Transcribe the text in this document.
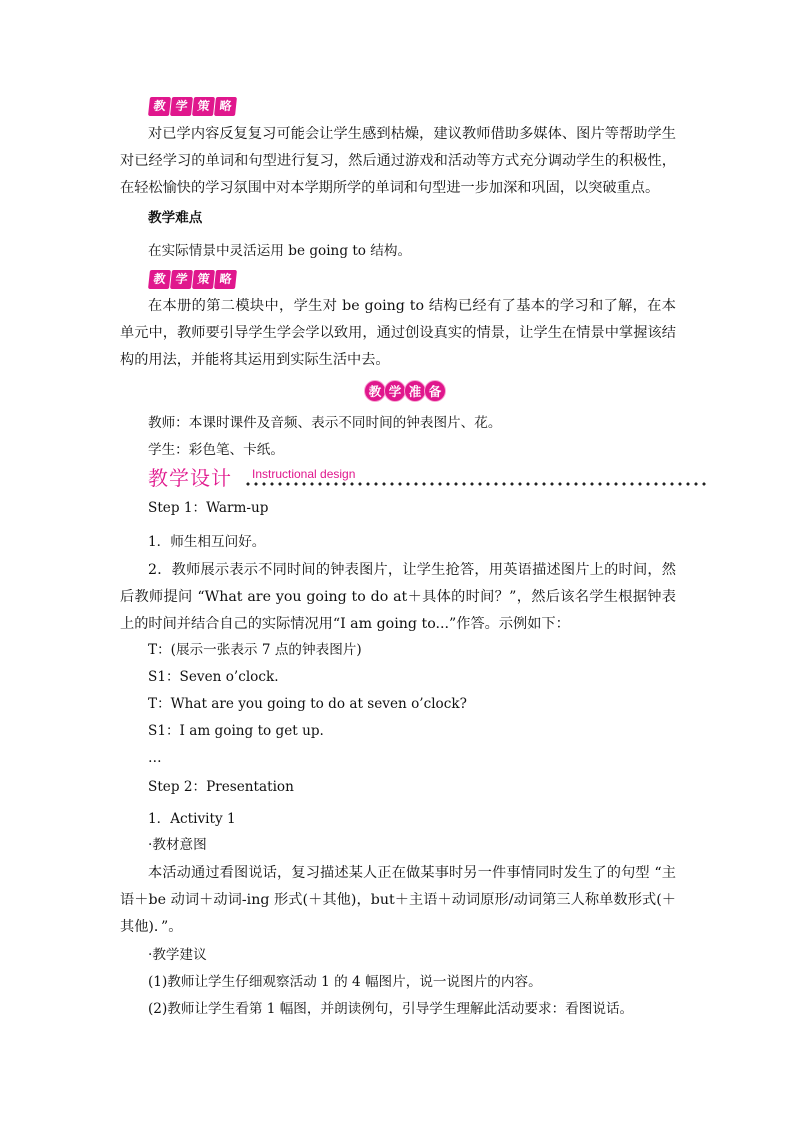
教 学 策 略

对已学内容反复复习可能会让学生感到枯燥，建议教师借助多媒体、图片等帮助学生对已经学习的单词和句型进行复习，然后通过游戏和活动等方式充分调动学生的积极性，在轻松愉快的学习氛围中对本学期所学的单词和句型进一步加深和巩固，以突破重点。

教学难点

在实际情景中灵活运用 be going to 结构。

教 学 策 略

在本册的第二模块中，学生对 be going to 结构已经有了基本的学习和了解，在本单元中，教师要引导学生学会学以致用，通过创设真实的情景，让学生在情景中掌握该结构的用法，并能将其运用到实际生活中去。

教 学 准 备

教师：本课时课件及音频、表示不同时间的钟表图片、花。

学生：彩色笔、卡纸。

教学设计 Instructional design

Step 1：Warm-up

1．师生相互问好。

2．教师展示表示不同时间的钟表图片，让学生抢答，用英语描述图片上的时间，然后教师提问 “What are you going to do at＋具体的时间？”，然后该名学生根据钟表上的时间并结合自己的实际情况用“I am going to...”作答。示例如下：

T：(展示一张表示 7 点的钟表图片)

S1：Seven o’clock.

T：What are you going to do at seven o’clock?

S1：I am going to get up.

…

Step 2：Presentation

1．Activity 1

·教材意图

本活动通过看图说话，复习描述某人正在做某事时另一件事情同时发生了的句型 “主语＋be 动词＋动词-ing 形式(＋其他)，but＋主语＋动词原形/动词第三人称单数形式(＋其他)．”。

·教学建议

(1)教师让学生仔细观察活动 1 的 4 幅图片，说一说图片的内容。

(2)教师让学生看第 1 幅图，并朗读例句，引导学生理解此活动要求：看图说话。
